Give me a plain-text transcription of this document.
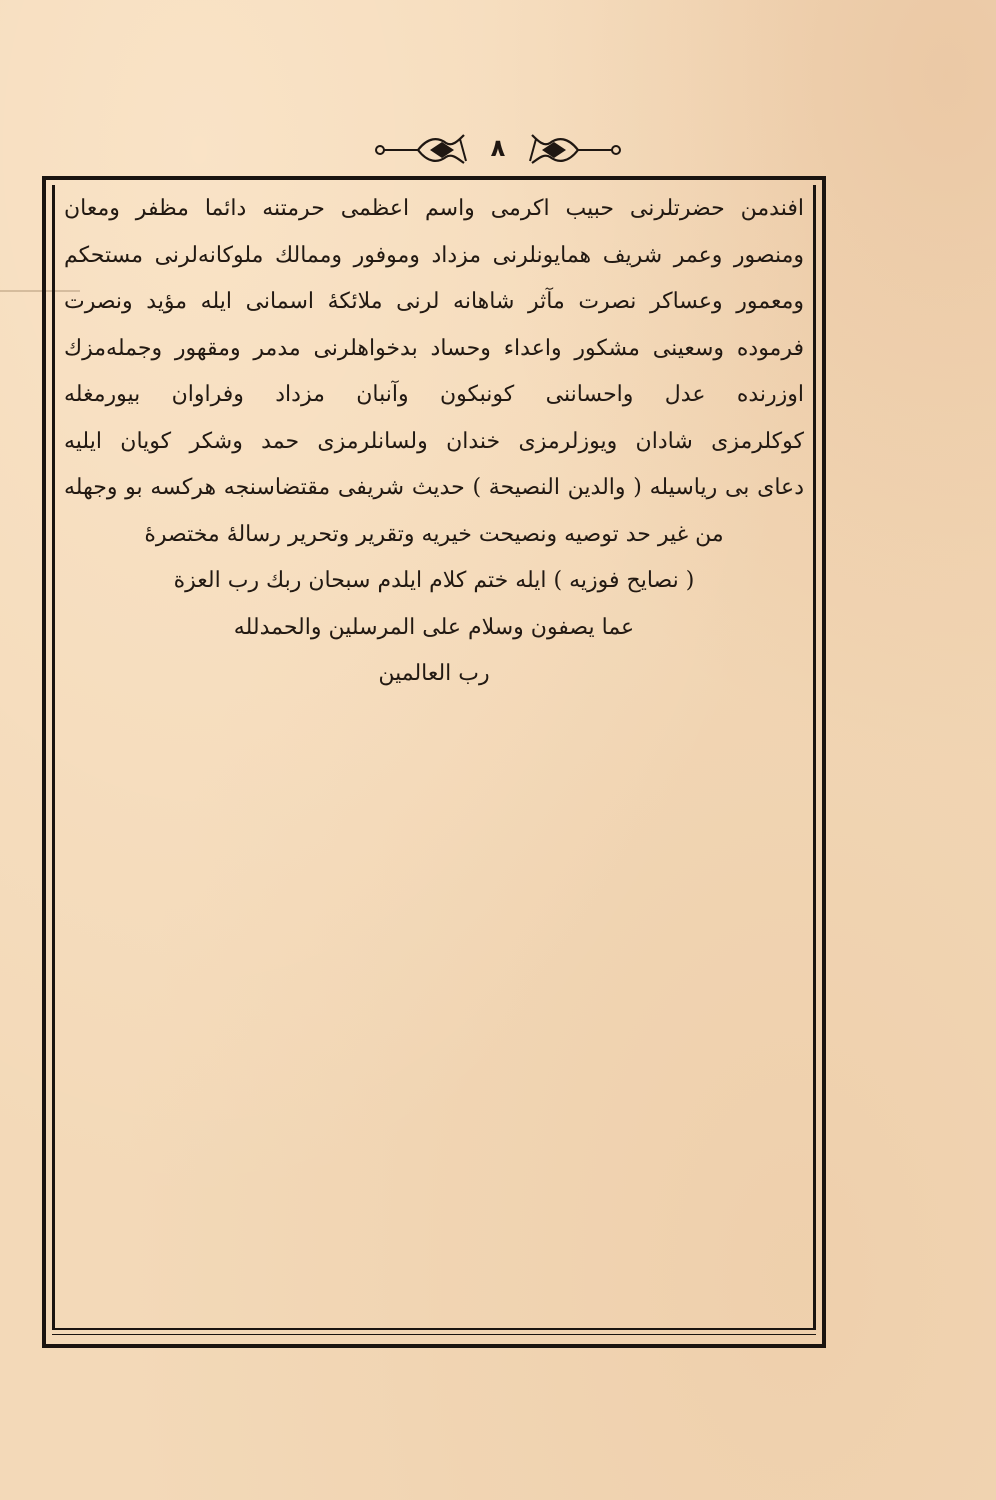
٨
افندمن حضرتلرنی حبیب اکرمی واسم اعظمی حرمتنه دائما مظفر ومعان
ومنصور وعمر شریف همایونلرنی مزداد وموفور وممالك ملوکانه‌لرنی مستحکم
ومعمور وعساکر نصرت مآثر شاهانه لرنی ملائکهٔ اسمانی ایله مؤید ونصرت
فرموده وسعینی مشکور واعداء وحساد بدخواهلرنی مدمر ومقهور وجمله‌مزك
اوزرنده عدل واحساننی کونبکون وآنبان مزداد وفراوان بیورمغله
کوکلرمزی شادان ویوزلرمزی خندان ولسانلرمزی حمد وشکر کویان ایلیه
دعای بی ریاسیله ( والدین النصیحة ) حدیث شریفی مقتضاسنجه هرکسه بو وجهله
من غیر حد توصیه ونصیحت خیریه وتقریر وتحریر رسالهٔ مختصرهٔ
( نصایح فوزیه ) ایله ختم کلام ایلدم سبحان ربك رب العزة
عما یصفون وسلام علی المرسلین والحمدلله
رب العالمین
